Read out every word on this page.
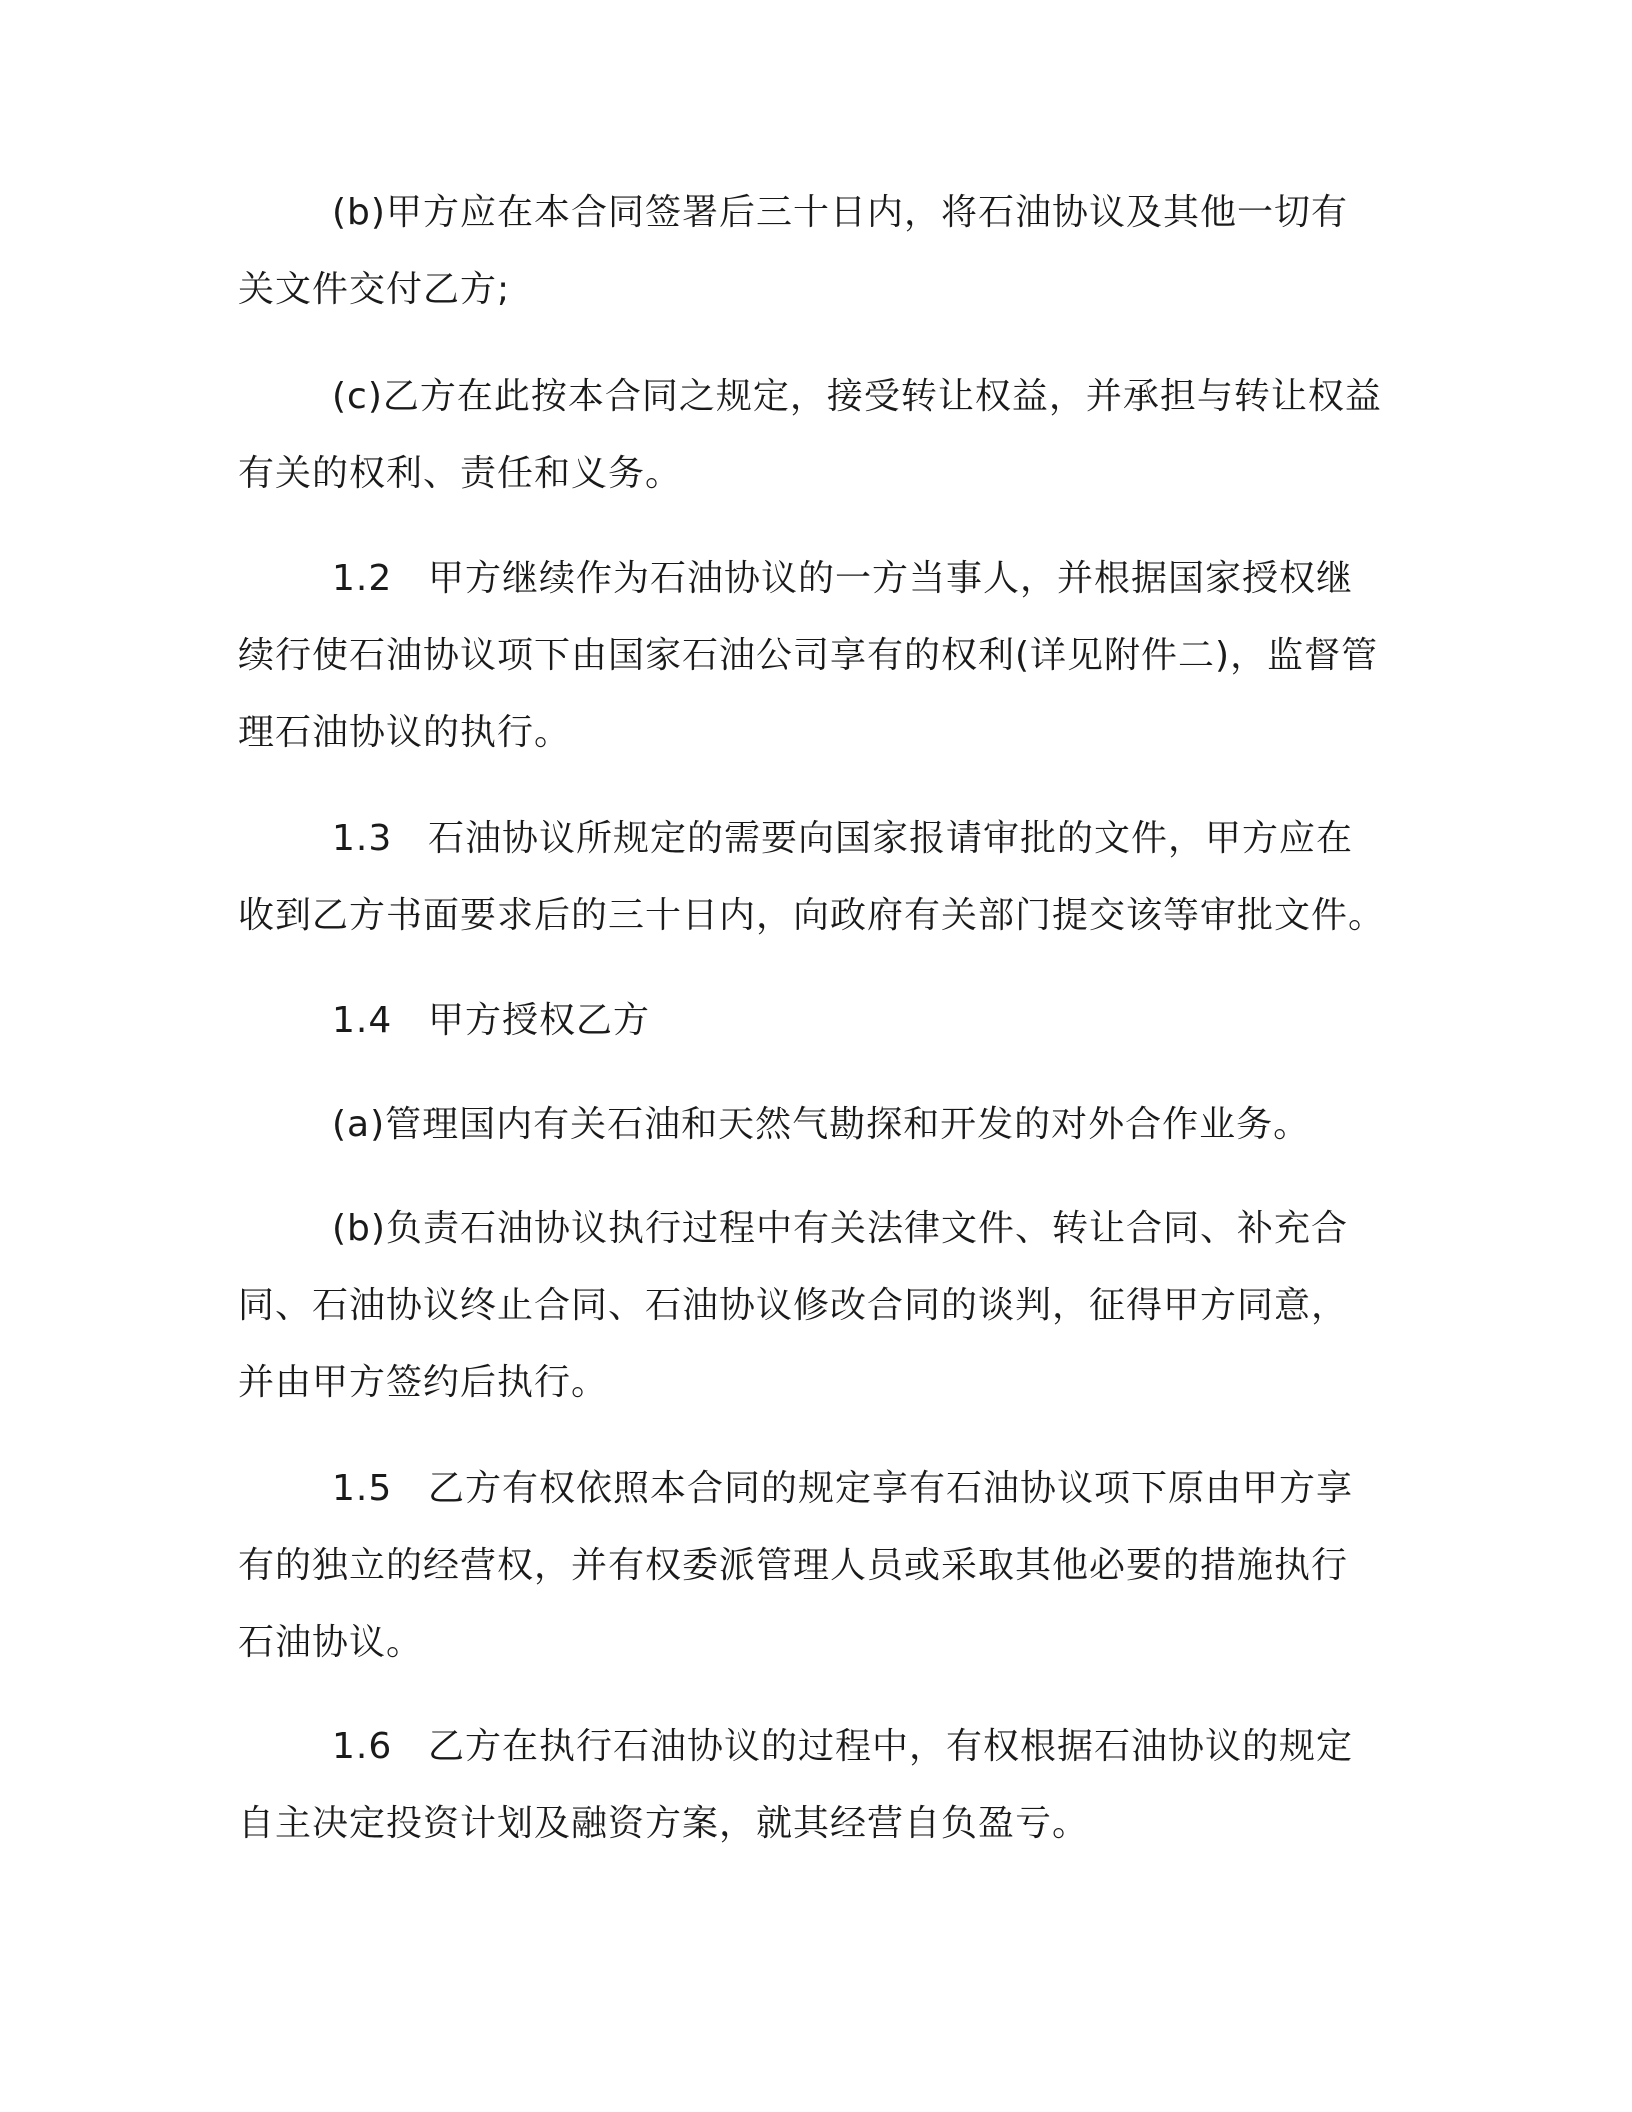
(b)甲方应在本合同签署后三十日内，将石油协议及其他一切有
关文件交付乙方;
(c)乙方在此按本合同之规定，接受转让权益，并承担与转让权益
有关的权利、责任和义务。
1.2 甲方继续作为石油协议的一方当事人，并根据国家授权继
续行使石油协议项下由国家石油公司享有的权利(详见附件二)，监督管
理石油协议的执行。
1.3 石油协议所规定的需要向国家报请审批的文件，甲方应在
收到乙方书面要求后的三十日内，向政府有关部门提交该等审批文件。
1.4 甲方授权乙方
(a)管理国内有关石油和天然气勘探和开发的对外合作业务。
(b)负责石油协议执行过程中有关法律文件、转让合同、补充合
同、石油协议终止合同、石油协议修改合同的谈判，征得甲方同意，
并由甲方签约后执行。
1.5 乙方有权依照本合同的规定享有石油协议项下原由甲方享
有的独立的经营权，并有权委派管理人员或采取其他必要的措施执行
石油协议。
1.6 乙方在执行石油协议的过程中，有权根据石油协议的规定
自主决定投资计划及融资方案，就其经营自负盈亏。
